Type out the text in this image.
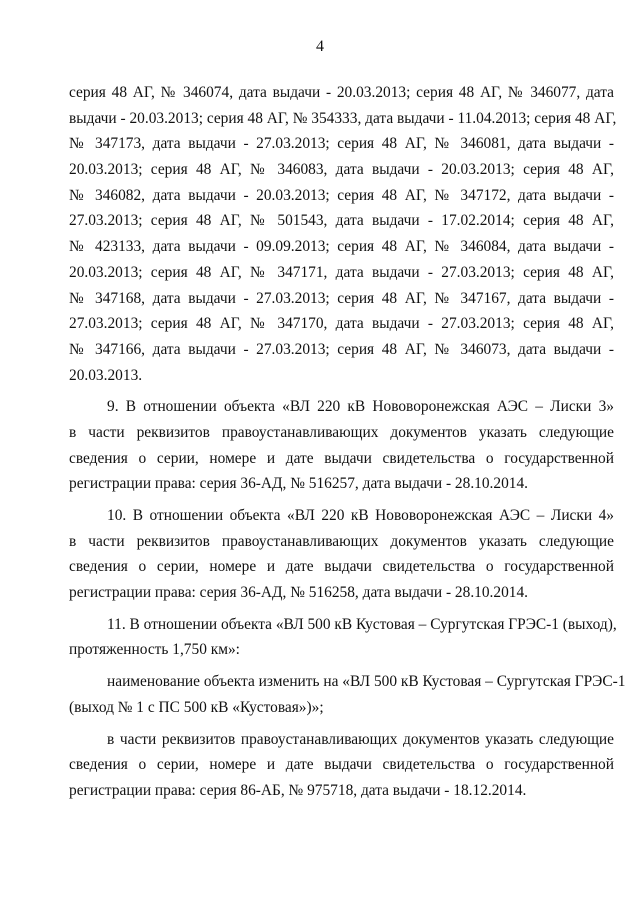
4
серия 48 АГ, № 346074, дата выдачи - 20.03.2013; серия 48 АГ, № 346077, дата
выдачи - 20.03.2013; серия 48 АГ, № 354333, дата выдачи - 11.04.2013; серия 48 АГ,
№ 347173, дата выдачи - 27.03.2013; серия 48 АГ, № 346081, дата выдачи -
20.03.2013; серия 48 АГ, № 346083, дата выдачи - 20.03.2013; серия 48 АГ,
№ 346082, дата выдачи - 20.03.2013; серия 48 АГ, № 347172, дата выдачи -
27.03.2013; серия 48 АГ, № 501543, дата выдачи - 17.02.2014; серия 48 АГ,
№ 423133, дата выдачи - 09.09.2013; серия 48 АГ, № 346084, дата выдачи -
20.03.2013; серия 48 АГ, № 347171, дата выдачи - 27.03.2013; серия 48 АГ,
№ 347168, дата выдачи - 27.03.2013; серия 48 АГ, № 347167, дата выдачи -
27.03.2013; серия 48 АГ, № 347170, дата выдачи - 27.03.2013; серия 48 АГ,
№ 347166, дата выдачи - 27.03.2013; серия 48 АГ, № 346073, дата выдачи -
20.03.2013.
9. В отношении объекта «ВЛ 220 кВ Нововоронежская АЭС – Лиски 3»
в части реквизитов правоустанавливающих документов указать следующие
сведения о серии, номере и дате выдачи свидетельства о государственной
регистрации права: серия 36-АД, № 516257, дата выдачи - 28.10.2014.
10. В отношении объекта «ВЛ 220 кВ Нововоронежская АЭС – Лиски 4»
в части реквизитов правоустанавливающих документов указать следующие
сведения о серии, номере и дате выдачи свидетельства о государственной
регистрации права: серия 36-АД, № 516258, дата выдачи - 28.10.2014.
11. В отношении объекта «ВЛ 500 кВ Кустовая – Сургутская ГРЭС-1 (выход),
протяженность 1,750 км»:
наименование объекта изменить на «ВЛ 500 кВ Кустовая – Сургутская ГРЭС-1
(выход № 1 с ПС 500 кВ «Кустовая»)»;
в части реквизитов правоустанавливающих документов указать следующие
сведения о серии, номере и дате выдачи свидетельства о государственной
регистрации права: серия 86-АБ, № 975718, дата выдачи - 18.12.2014.
